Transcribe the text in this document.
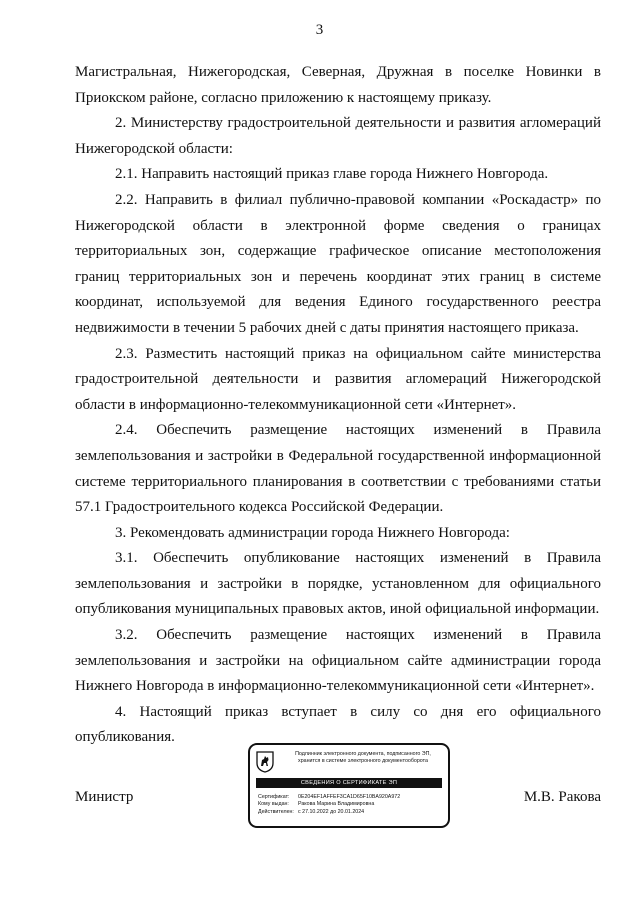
3

Магистральная, Нижегородская, Северная, Дружная в поселке Новинки в Приокском районе, согласно приложению к настоящему приказу.

2. Министерству градостроительной деятельности и развития агломераций Нижегородской области:

2.1. Направить настоящий приказ главе города Нижнего Новгорода.

2.2. Направить в филиал публично-правовой компании «Роскадастр» по Нижегородской области в электронной форме сведения о границах территориальных зон, содержащие графическое описание местоположения границ территориальных зон и перечень координат этих границ в системе координат, используемой для ведения Единого государственного реестра недвижимости в течении 5 рабочих дней с даты принятия настоящего приказа.

2.3. Разместить настоящий приказ на официальном сайте министерства градостроительной деятельности и развития агломераций Нижегородской области в информационно-телекоммуникационной сети «Интернет».

2.4. Обеспечить размещение настоящих изменений в Правила землепользования и застройки в Федеральной государственной информационной системе территориального планирования в соответствии с требованиями статьи 57.1 Градостроительного кодекса Российской Федерации.

3. Рекомендовать администрации города Нижнего Новгорода:

3.1. Обеспечить опубликование настоящих изменений в Правила землепользования и застройки в порядке, установленном для официального опубликования муниципальных правовых актов, иной официальной информации.

3.2. Обеспечить размещение настоящих изменений в Правила землепользования и застройки на официальном сайте администрации города Нижнего Новгорода в информационно-телекоммуникационной сети «Интернет».

4. Настоящий приказ вступает в силу со дня его официального опубликования.

Министр	М.В. Ракова
Подлинник электронного документа, подписанного ЭП,
хранится в системе электронного документооборота
СВЕДЕНИЯ О СЕРТИФИКАТЕ ЭП
Сертификат: 0E204EF1AFFEF3CA1D65F10BA920A972
Кому выдан: Ракова Марина Владимировна
Действителен: с 27.10.2022 до 20.01.2024
